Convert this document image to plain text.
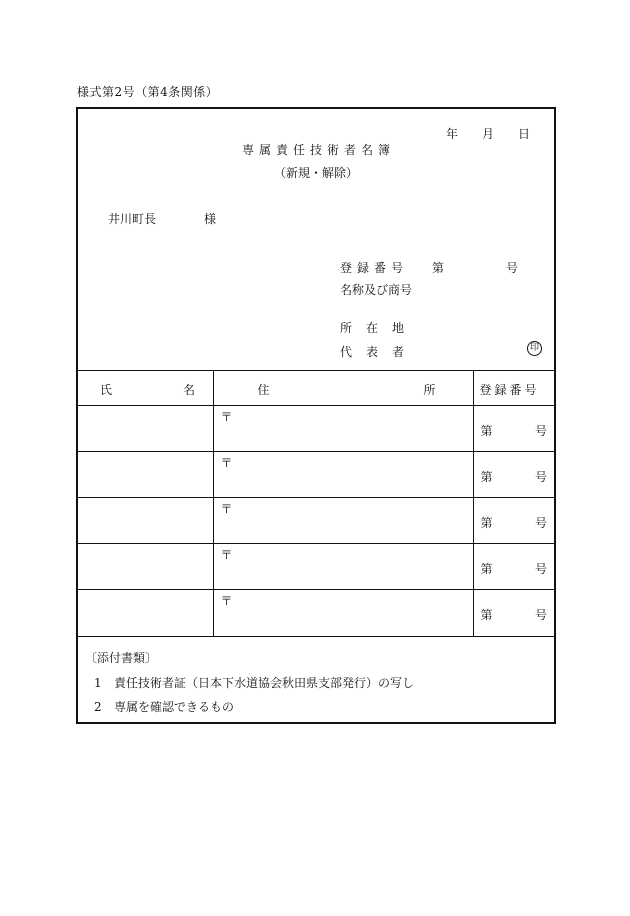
様式第2号（第4条関係）
年 月 日
専属責任技術者名簿
（新規・解除）
井川町長	様
登録番号 第	号
名称及び商号
所在地
代表者	印
氏 名	住 所	登録番号

	〒	第 号

	〒	第 号

	〒	第 号

	〒	第 号

	〒	第 号
〔添付書類〕
1 責任技術者証（日本下水道協会秋田県支部発行）の写し
2 専属を確認できるもの
